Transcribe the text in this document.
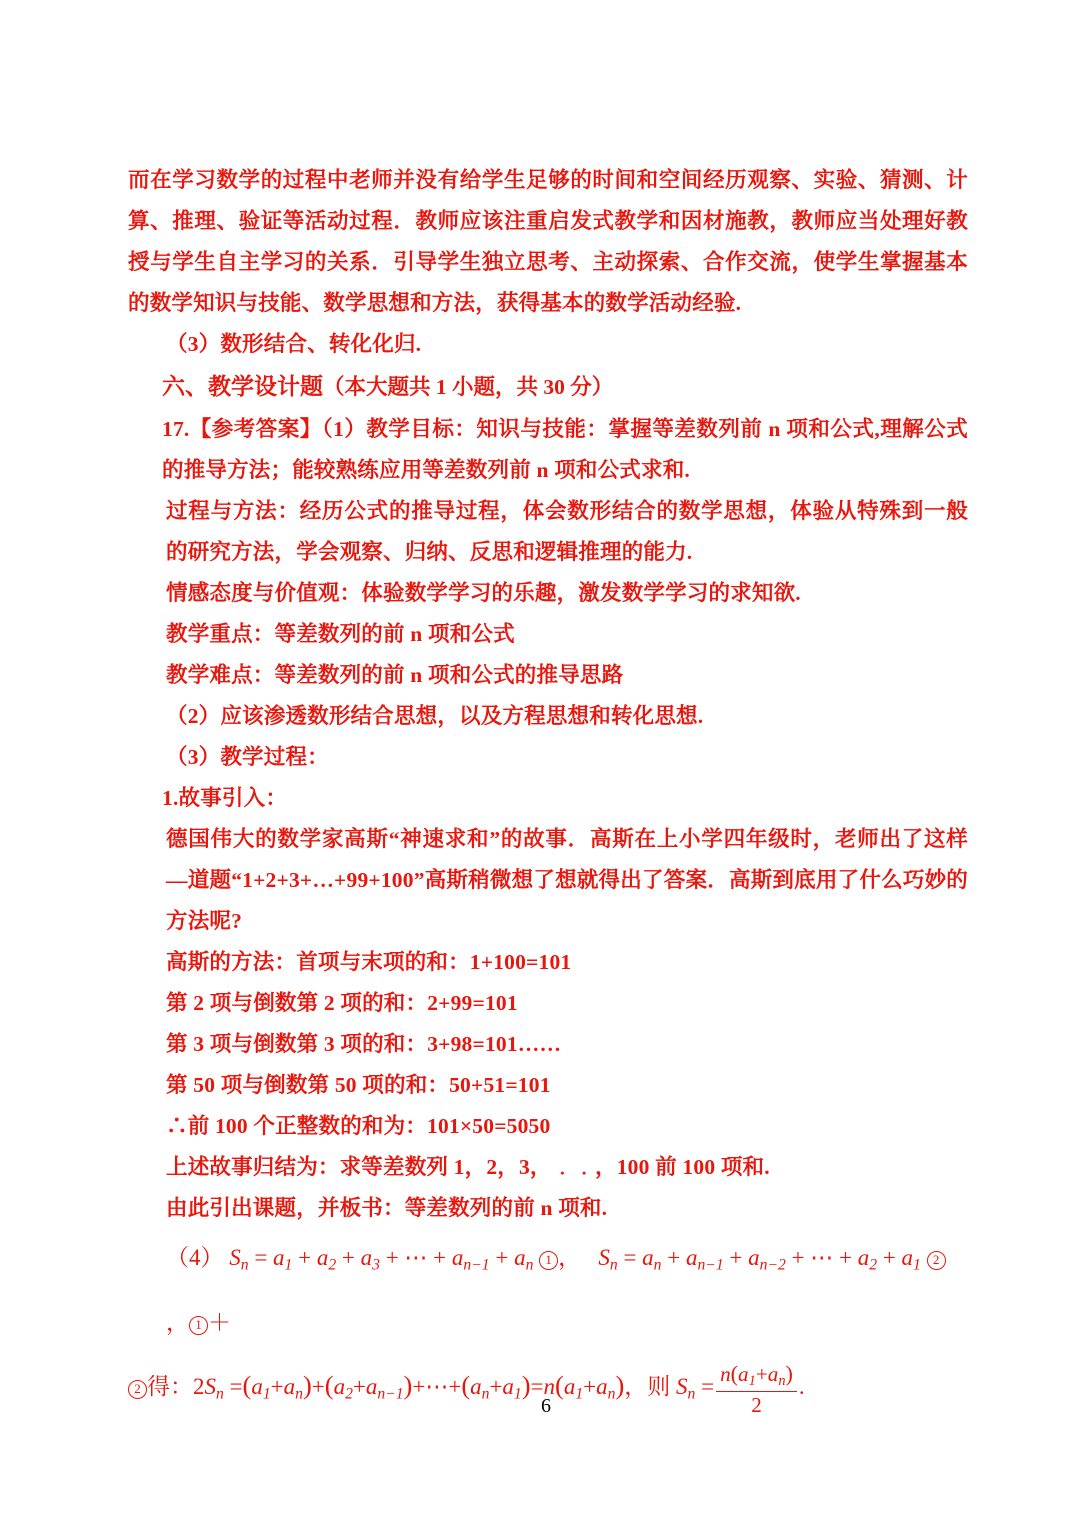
而在学习数学的过程中老师并没有给学生足够的时间和空间经历观察、实验、猜测、计算、推理、验证等活动过程．教师应该注重启发式教学和因材施教，教师应当处理好教授与学生自主学习的关系．引导学生独立思考、主动探索、合作交流，使学生掌握基本的数学知识与技能、数学思想和方法，获得基本的数学活动经验.
（3）数形结合、转化化归.
六、教学设计题（本大题共 1 小题，共 30 分）
17.【参考答案】（1）教学目标：知识与技能：掌握等差数列前 n 项和公式,理解公式的推导方法；能较熟练应用等差数列前 n 项和公式求和.
过程与方法：经历公式的推导过程，体会数形结合的数学思想，体验从特殊到一般的研究方法，学会观察、归纳、反思和逻辑推理的能力.
情感态度与价值观：体验数学学习的乐趣，激发数学学习的求知欲.
教学重点：等差数列的前 n 项和公式
教学难点：等差数列的前 n 项和公式的推导思路
（2）应该渗透数形结合思想，以及方程思想和转化思想.
（3）教学过程：
1.故事引入：
德国伟大的数学家高斯“神速求和”的故事．高斯在上小学四年级时，老师出了这样—道题“1+2+3+…+99+100”高斯稍微想了想就得出了答案．高斯到底用了什么巧妙的方法呢?
高斯的方法：首项与末项的和：1+100=101
第 2 项与倒数第 2 项的和：2+99=101
第 3 项与倒数第 3 项的和：3+98=101……
第 50 项与倒数第 50 项的和：50+51=101
∴前 100 个正整数的和为：101×50=5050
上述故事归结为：求等差数列 1，2，3，﹒﹒，100 前 100 项和.
由此引出课题，并板书：等差数列的前 n 项和.
（4） $S_n = a_1 + a_2 + a_3$ + ⋯ + $a_{n-1} + a_n$ 1 ，   $S_n = a_n + a_{n-1} + a_{n-2}$ + ⋯ + $a_2 + a_1$ 2， 1 ＋
2 得：$2S_n$ $=(a_1+a_n)+(a_2+a_{n-1})+\cdots+(a_n+a_1)=n(a_1+a_n)$，则 $S_n = \frac{n(a_1+a_n)}{2}$ .
6
